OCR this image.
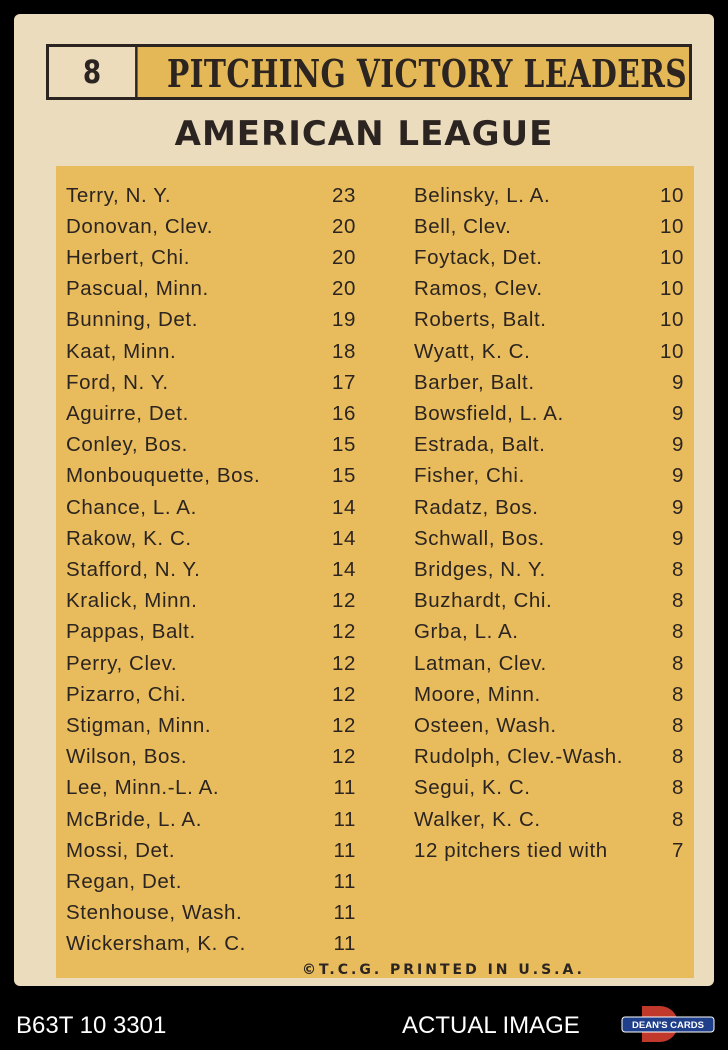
8	PITCHING VICTORY LEADERS
AMERICAN LEAGUE
Terry, N. Y.	23
Donovan, Clev.	20
Herbert, Chi.	20
Pascual, Minn.	20
Bunning, Det.	19
Kaat, Minn.	18
Ford, N. Y.	17
Aguirre, Det.	16
Conley, Bos.	15
Monbouquette, Bos.	15
Chance, L. A.	14
Rakow, K. C.	14
Stafford, N. Y.	14
Kralick, Minn.	12
Pappas, Balt.	12
Perry, Clev.	12
Pizarro, Chi.	12
Stigman, Minn.	12
Wilson, Bos.	12
Lee, Minn.-L. A.	11
McBride, L. A.	11
Mossi, Det.	11
Regan, Det.	11
Stenhouse, Wash.	11
Wickersham, K. C.	11
Belinsky, L. A.	10
Bell, Clev.	10
Foytack, Det.	10
Ramos, Clev.	10
Roberts, Balt.	10
Wyatt, K. C.	10
Barber, Balt.	9
Bowsfield, L. A.	9
Estrada, Balt.	9
Fisher, Chi.	9
Radatz, Bos.	9
Schwall, Bos.	9
Bridges, N. Y.	8
Buzhardt, Chi.	8
Grba, L. A.	8
Latman, Clev.	8
Moore, Minn.	8
Osteen, Wash.	8
Rudolph, Clev.-Wash. 8
Segui, K. C.	8
Walker, K. C.	8
12 pitchers tied with	7
©T.C.G. PRINTED IN U.S.A.
B63T 10 3301	ACTUAL IMAGE	DEAN'S CARDS
